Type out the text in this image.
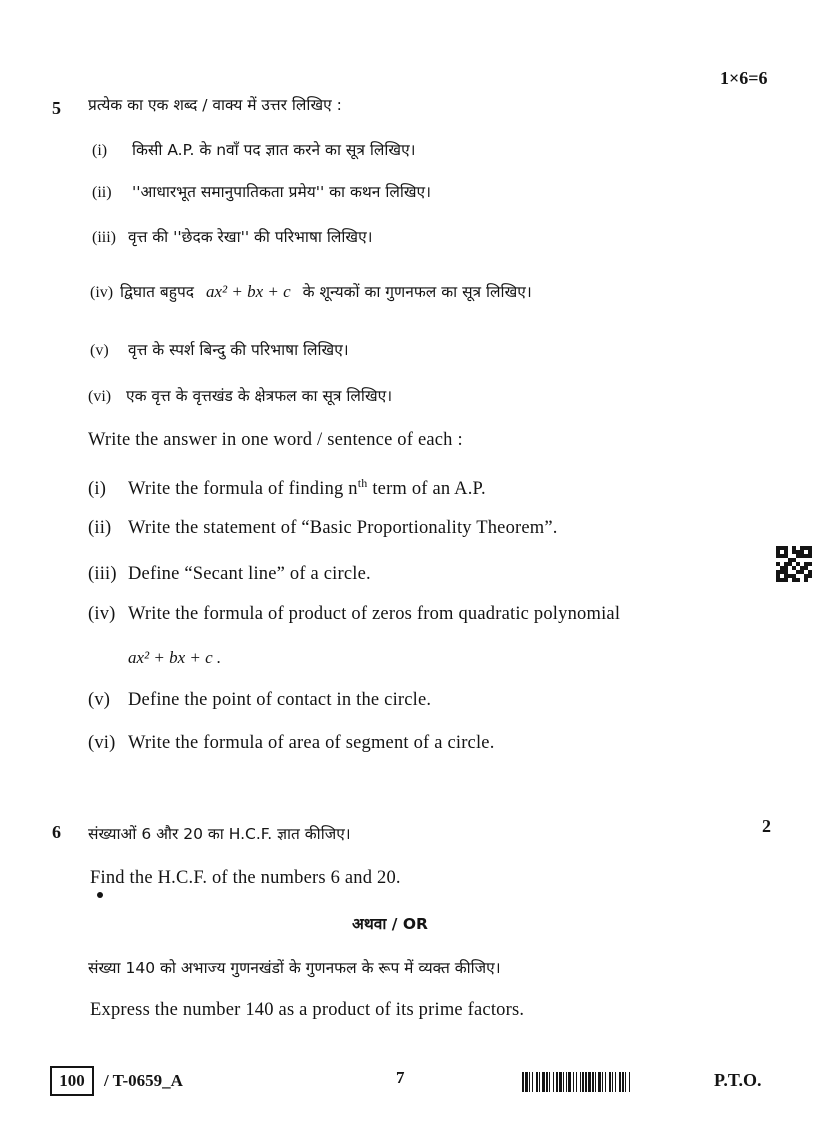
1×6=6
5 प्रत्येक का एक शब्द / वाक्य में उत्तर लिखिए :
(i) किसी A.P. के nवाँ पद ज्ञात करने का सूत्र लिखिए।
(ii) ''आधारभूत समानुपातिकता प्रमेय'' का कथन लिखिए।
(iii) वृत्त की ''छेदक रेखा'' की परिभाषा लिखिए।
(iv) द्विघात बहुपद ax² + bx + c के शून्यकों का गुणनफल का सूत्र लिखिए।
(v) वृत्त के स्पर्श बिन्दु की परिभाषा लिखिए।
(vi) एक वृत्त के वृत्तखंड के क्षेत्रफल का सूत्र लिखिए।
Write the answer in one word / sentence of each :
(i) Write the formula of finding $n^{th}$ term of an A.P.
(ii) Write the statement of “Basic Proportionality Theorem”.
(iii) Define “Secant line” of a circle.
(iv) Write the formula of product of zeros from quadratic polynomial
ax² + bx + c .
(v) Define the point of contact in the circle.
(vi) Write the formula of area of segment of a circle.
6	2
संख्याओं 6 और 20 का H.C.F. ज्ञात कीजिए।
Find the H.C.F. of the numbers 6 and 20.
अथवा / OR
संख्या 140 को अभाज्य गुणनखंडों के गुणनफल के रूप में व्यक्त कीजिए।
Express the number 140 as a product of its prime factors.
100	/ T-0659_A	7	P.T.O.
